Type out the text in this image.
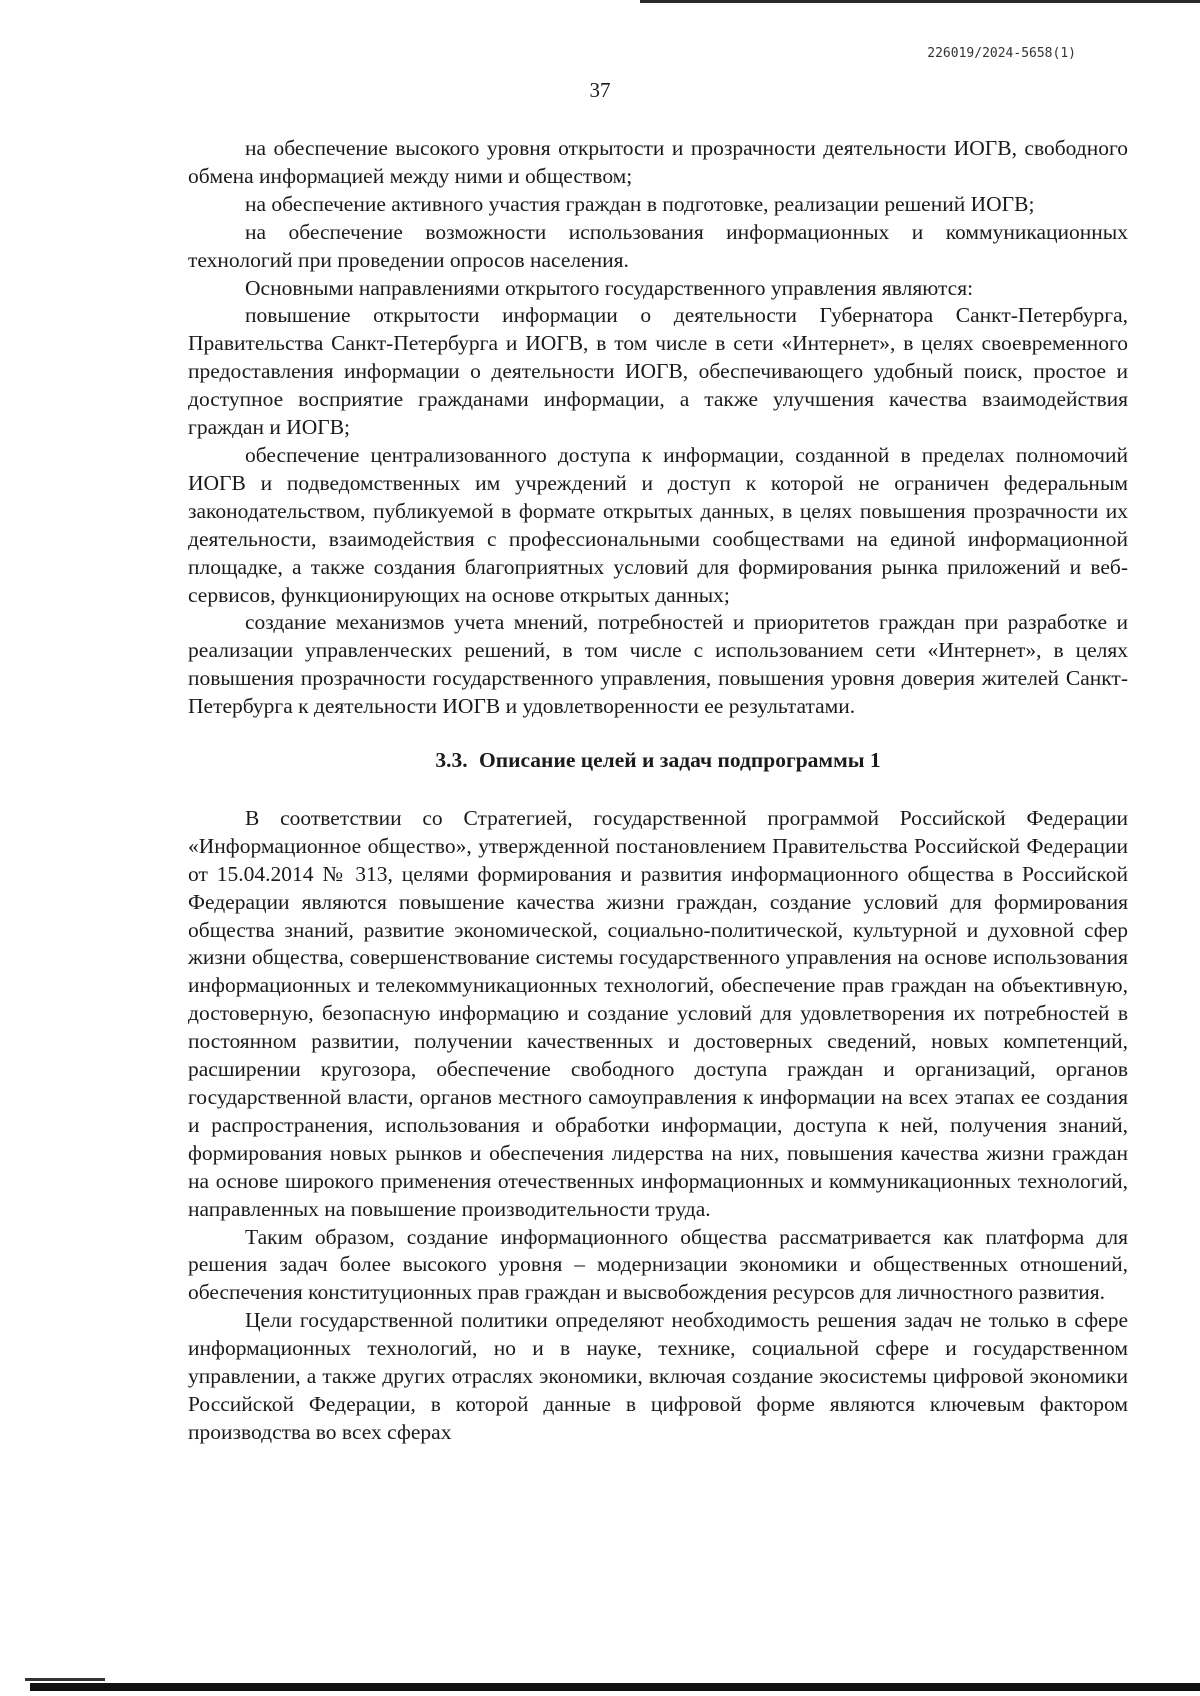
226019/2024-5658(1)
37

на обеспечение высокого уровня открытости и прозрачности деятельности ИОГВ, свободного обмена информацией между ними и обществом;

на обеспечение активного участия граждан в подготовке, реализации решений ИОГВ;

на обеспечение возможности использования информационных и коммуникационных технологий при проведении опросов населения.

Основными направлениями открытого государственного управления являются:

повышение открытости информации о деятельности Губернатора Санкт-Петербурга, Правительства Санкт-Петербурга и ИОГВ, в том числе в сети «Интернет», в целях своевременного предоставления информации о деятельности ИОГВ, обеспечивающего удобный поиск, простое и доступное восприятие гражданами информации, а также улучшения качества взаимодействия граждан и ИОГВ;

обеспечение централизованного доступа к информации, созданной в пределах полномочий ИОГВ и подведомственных им учреждений и доступ к которой не ограничен федеральным законодательством, публикуемой в формате открытых данных, в целях повышения прозрачности их деятельности, взаимодействия с профессиональными сообществами на единой информационной площадке, а также создания благоприятных условий для формирования рынка приложений и веб-сервисов, функционирующих на основе открытых данных;

создание механизмов учета мнений, потребностей и приоритетов граждан при разработке и реализации управленческих решений, в том числе с использованием сети «Интернет», в целях повышения прозрачности государственного управления, повышения уровня доверия жителей Санкт-Петербурга к деятельности ИОГВ и удовлетворенности ее результатами.

3.3. Описание целей и задач подпрограммы 1

В соответствии со Стратегией, государственной программой Российской Федерации «Информационное общество», утвержденной постановлением Правительства Российской Федерации от 15.04.2014 № 313, целями формирования и развития информационного общества в Российской Федерации являются повышение качества жизни граждан, создание условий для формирования общества знаний, развитие экономической, социально-политической, культурной и духовной сфер жизни общества, совершенствование системы государственного управления на основе использования информационных и телекоммуникационных технологий, обеспечение прав граждан на объективную, достоверную, безопасную информацию и создание условий для удовлетворения их потребностей в постоянном развитии, получении качественных и достоверных сведений, новых компетенций, расширении кругозора, обеспечение свободного доступа граждан и организаций, органов государственной власти, органов местного самоуправления к информации на всех этапах ее создания и распространения, использования и обработки информации, доступа к ней, получения знаний, формирования новых рынков и обеспечения лидерства на них, повышения качества жизни граждан на основе широкого применения отечественных информационных и коммуникационных технологий, направленных на повышение производительности труда.

Таким образом, создание информационного общества рассматривается как платформа для решения задач более высокого уровня – модернизации экономики и общественных отношений, обеспечения конституционных прав граждан и высвобождения ресурсов для личностного развития.

Цели государственной политики определяют необходимость решения задач не только в сфере информационных технологий, но и в науке, технике, социальной сфере и государственном управлении, а также других отраслях экономики, включая создание экосистемы цифровой экономики Российской Федерации, в которой данные в цифровой форме являются ключевым фактором производства во всех сферах
